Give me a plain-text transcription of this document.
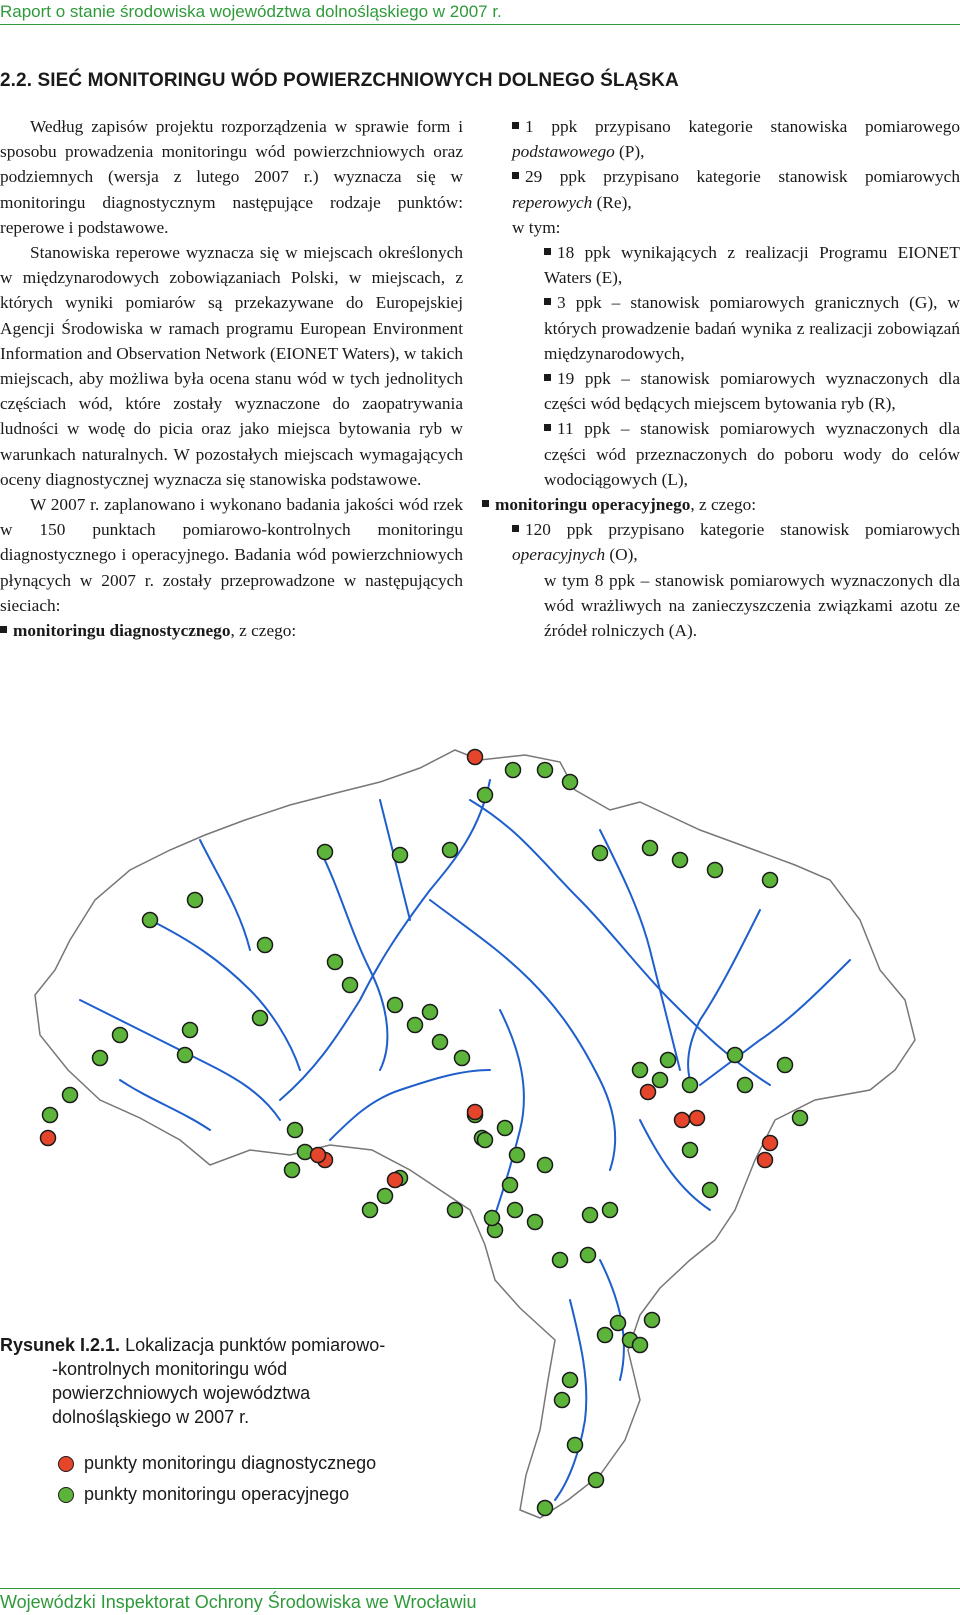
Raport o stanie środowiska województwa dolnośląskiego w 2007 r.
2.2. SIEĆ MONITORINGU WÓD POWIERZCHNIOWYCH DOLNEGO ŚLĄSKA

Według zapisów projektu rozporządzenia w sprawie form i sposobu prowadzenia monitoringu wód powierzchniowych oraz podziemnych (wersja z lutego 2007 r.) wyznacza się w monitoringu diagnostycznym następujące rodzaje punktów: reperowe i podstawowe.

Stanowiska reperowe wyznacza się w miejscach określonych w międzynarodowych zobowiązaniach Polski, w miejscach, z których wyniki pomiarów są przekazywane do Europejskiej Agencji Środowiska w ramach programu European Environment Information and Observation Network (EIONET Waters), w takich miejscach, aby możliwa była ocena stanu wód w tych jednolitych częściach wód, które zostały wyznaczone do zaopatrywania ludności w wodę do picia oraz jako miejsca bytowania ryb w warunkach naturalnych. W pozostałych miejscach wymagających oceny diagnostycznej wyznacza się stanowiska podstawowe.

W 2007 r. zaplanowano i wykonano badania jakości wód rzek w 150 punktach pomiarowo-kontrolnych monitoringu diagnostycznego i operacyjnego. Badania wód powierzchniowych płynących w 2007 r. zostały przeprowadzone w następujących sieciach:

monitoringu diagnostycznego, z czego:
1 ppk przypisano kategorie stanowiska pomiarowego podstawowego (P),
29 ppk przypisano kategorie stanowisk pomiarowych reperowych (Re),
w tym:
18 ppk wynikających z realizacji Programu EIONET Waters (E),
3 ppk – stanowisk pomiarowych granicznych (G), w których prowadzenie badań wynika z realizacji zobowiązań międzynarodowych,
19 ppk – stanowisk pomiarowych wyznaczonych dla części wód będących miejscem bytowania ryb (R),
11 ppk – stanowisk pomiarowych wyznaczonych dla części wód przeznaczonych do poboru wody do celów wodociągowych (L),
monitoringu operacyjnego, z czego:
120 ppk przypisano kategorie stanowisk pomiarowych operacyjnych (O),
w tym 8 ppk – stanowisk pomiarowych wyznaczonych dla wód wrażliwych na zanieczyszczenia związkami azotu ze źródeł rolniczych (A).
Rysunek I.2.1. Lokalizacja punktów pomiarowo-
-kontrolnych monitoringu wód
powierzchniowych województwa
dolnośląskiego w 2007 r.
punkty monitoringu diagnostycznego
punkty monitoringu operacyjnego
Wojewódzki Inspektorat Ochrony Środowiska we Wrocławiu
